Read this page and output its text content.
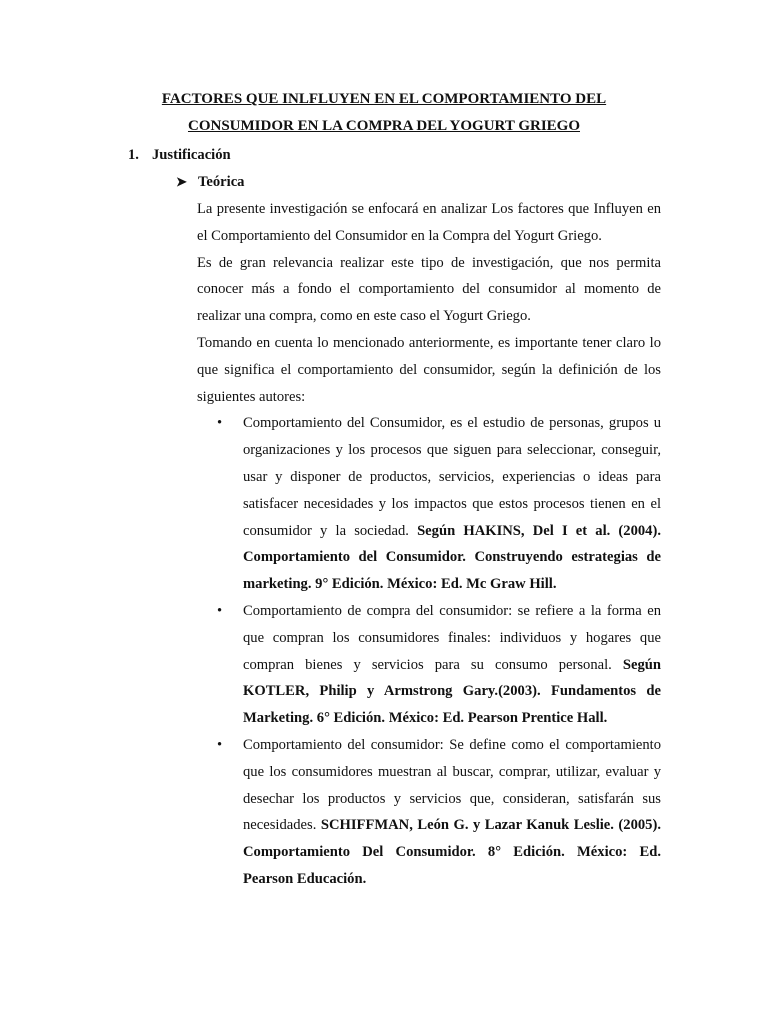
FACTORES QUE INLFLUYEN EN EL COMPORTAMIENTO DEL
CONSUMIDOR EN LA COMPRA DEL YOGURT GRIEGO
1. Justificación
➤ Teórica

La presente investigación se enfocará en analizar Los factores que Influyen en el Comportamiento del Consumidor en la Compra del Yogurt Griego.

Es de gran relevancia realizar este tipo de investigación, que nos permita conocer más a fondo el comportamiento del consumidor al momento de realizar una compra, como en este caso el Yogurt Griego.

Tomando en cuenta lo mencionado anteriormente, es importante tener claro lo que significa el comportamiento del consumidor, según la definición de los siguientes autores:

• Comportamiento del Consumidor, es el estudio de personas, grupos u organizaciones y los procesos que siguen para seleccionar, conseguir, usar y disponer de productos, servicios, experiencias o ideas para satisfacer necesidades y los impactos que estos procesos tienen en el consumidor y la sociedad. Según HAKINS, Del I et al. (2004). Comportamiento del Consumidor. Construyendo estrategias de marketing. 9° Edición. México: Ed. Mc Graw Hill.
• Comportamiento de compra del consumidor: se refiere a la forma en que compran los consumidores finales: individuos y hogares que compran bienes y servicios para su consumo personal. Según KOTLER, Philip y Armstrong Gary.(2003). Fundamentos de Marketing. 6° Edición. México: Ed. Pearson Prentice Hall.
• Comportamiento del consumidor: Se define como el comportamiento que los consumidores muestran al buscar, comprar, utilizar, evaluar y desechar los productos y servicios que, consideran, satisfarán sus necesidades. SCHIFFMAN, León G. y Lazar Kanuk Leslie. (2005). Comportamiento Del Consumidor. 8° Edición. México: Ed. Pearson Educación.
